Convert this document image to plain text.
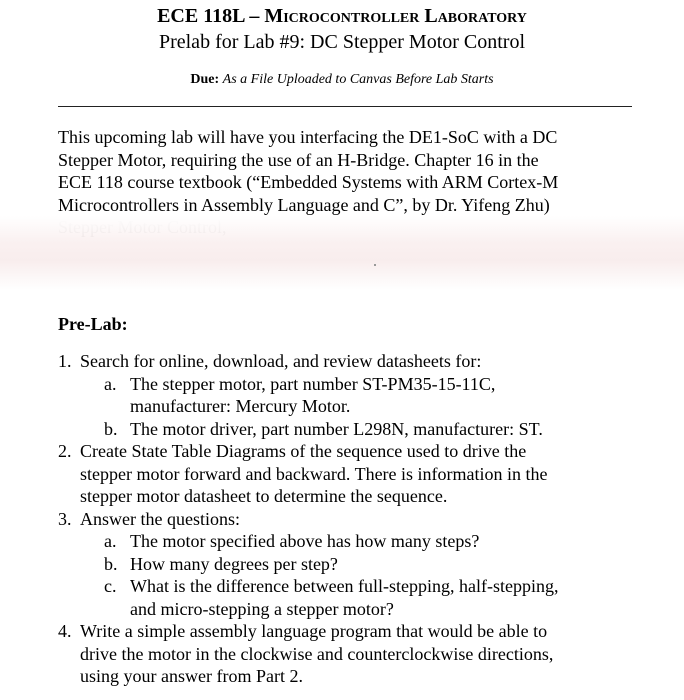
ECE 118L – Microcontroller Laboratory
Prelab for Lab #9: DC Stepper Motor Control
Due: As a File Uploaded to Canvas Before Lab Starts
This upcoming lab will have you interfacing the DE1-SoC with a DC
Stepper Motor, requiring the use of an H-Bridge. Chapter 16 in the
ECE 118 course textbook (“Embedded Systems with ARM Cortex-M
Microcontrollers in Assembly Language and C”, by Dr. Yifeng Zhu)
Pre-Lab:
1. Search for online, download, and review datasheets for:
a. The stepper motor, part number ST-PM35-15-11C,
manufacturer: Mercury Motor.
b. The motor driver, part number L298N, manufacturer: ST.
2. Create State Table Diagrams of the sequence used to drive the
stepper motor forward and backward. There is information in the
stepper motor datasheet to determine the sequence.
3. Answer the questions:
a. The motor specified above has how many steps?
b. How many degrees per step?
c. What is the difference between full-stepping, half-stepping,
and micro-stepping a stepper motor?
4. Write a simple assembly language program that would be able to
drive the motor in the clockwise and counterclockwise directions,
using your answer from Part 2.
